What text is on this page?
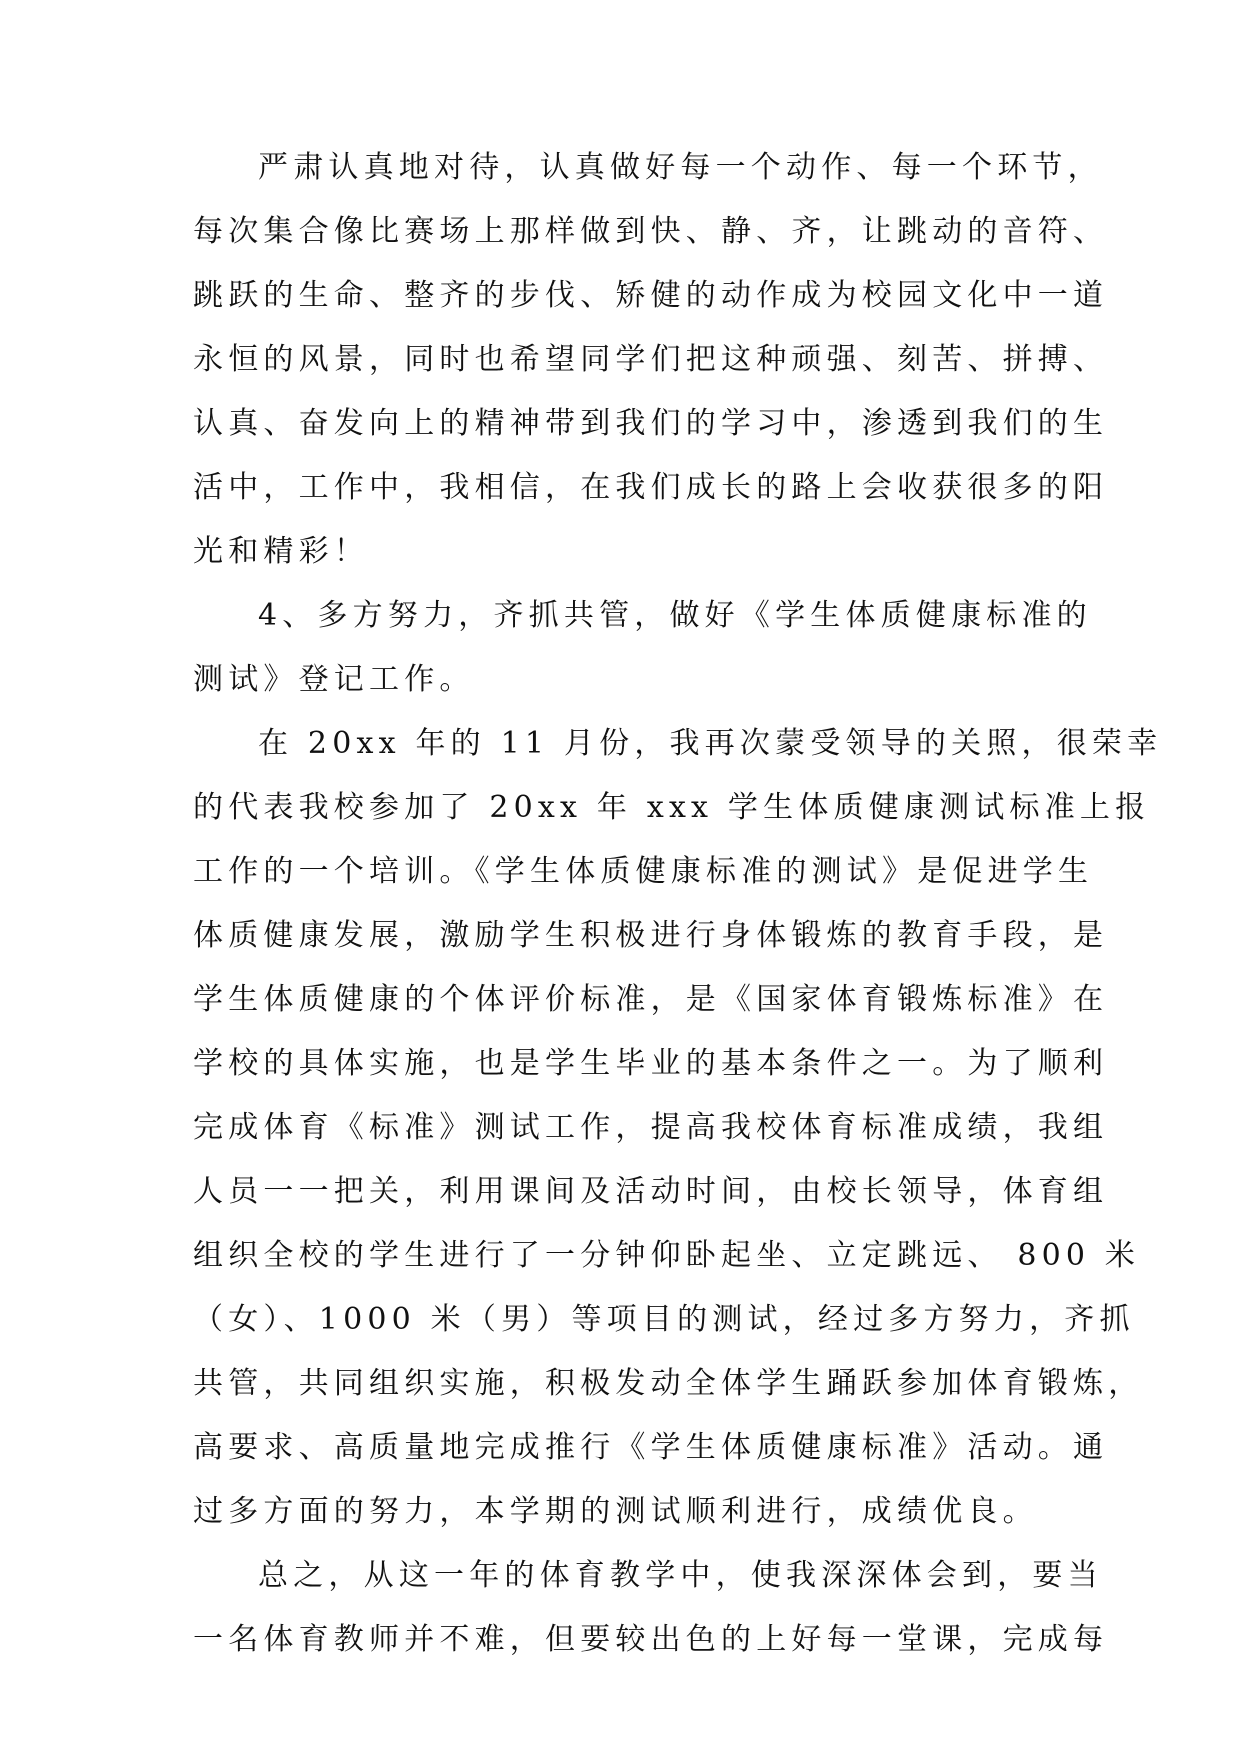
严肃认真地对待，认真做好每一个动作、每一个环节，
每次集合像比赛场上那样做到快、静、齐，让跳动的音符、
跳跃的生命、整齐的步伐、矫健的动作成为校园文化中一道
永恒的风景，同时也希望同学们把这种顽强、刻苦、拼搏、
认真、奋发向上的精神带到我们的学习中，渗透到我们的生
活中，工作中，我相信，在我们成长的路上会收获很多的阳
光和精彩！
4、多方努力，齐抓共管，做好《学生体质健康标准的
测试》登记工作。
在 20xx 年的 11 月份，我再次蒙受领导的关照，很荣幸
的代表我校参加了 20xx 年 xxx 学生体质健康测试标准上报
工作的一个培训。《学生体质健康标准的测试》是促进学生
体质健康发展，激励学生积极进行身体锻炼的教育手段，是
学生体质健康的个体评价标准，是《国家体育锻炼标准》在
学校的具体实施，也是学生毕业的基本条件之一。为了顺利
完成体育《标准》测试工作，提高我校体育标准成绩，我组
人员一一把关，利用课间及活动时间，由校长领导，体育组
组织全校的学生进行了一分钟仰卧起坐、立定跳远、 800 米
（女）、1000 米（男）等项目的测试，经过多方努力，齐抓
共管，共同组织实施，积极发动全体学生踊跃参加体育锻炼，
高要求、高质量地完成推行《学生体质健康标准》活动。通
过多方面的努力，本学期的测试顺利进行，成绩优良。
总之，从这一年的体育教学中，使我深深体会到，要当
一名体育教师并不难，但要较出色的上好每一堂课，完成每
